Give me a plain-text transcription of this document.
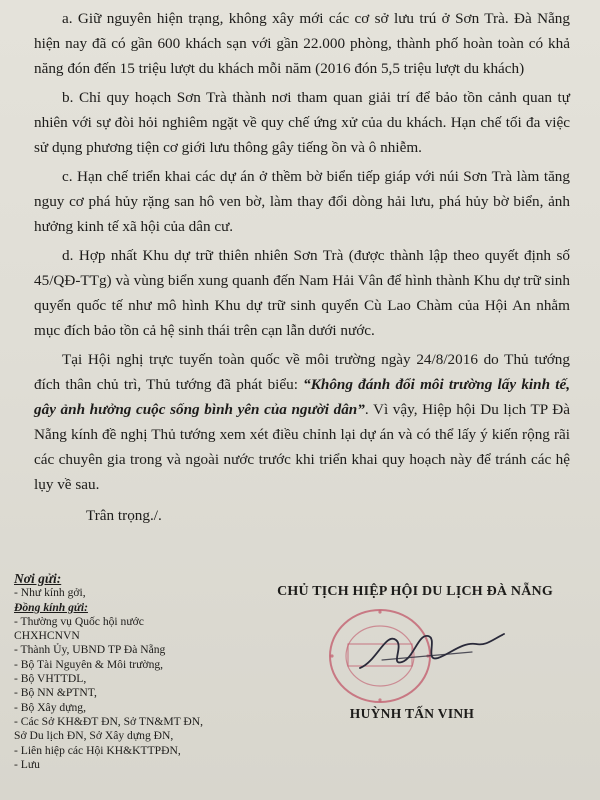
a. Giữ nguyên hiện trạng, không xây mới các cơ sở lưu trú ở Sơn Trà. Đà Nẵng hiện nay đã có gần 600 khách sạn với gần 22.000 phòng, thành phố hoàn toàn có khả năng đón đến 15 triệu lượt du khách mỗi năm (2016 đón 5,5 triệu lượt du khách)

b. Chỉ quy hoạch Sơn Trà thành nơi tham quan giải trí để bảo tồn cảnh quan tự nhiên với sự đòi hỏi nghiêm ngặt về quy chế ứng xử của du khách. Hạn chế tối đa việc sử dụng phương tiện cơ giới lưu thông gây tiếng ồn và ô nhiễm.

c. Hạn chế triển khai các dự án ở thềm bờ biển tiếp giáp với núi Sơn Trà làm tăng nguy cơ phá hủy rặng san hô ven bờ, làm thay đổi dòng hải lưu, phá hủy bờ biển, ảnh hưởng kinh tế xã hội của dân cư.

d. Hợp nhất Khu dự trữ thiên nhiên Sơn Trà (được thành lập theo quyết định số 45/QĐ-TTg) và vùng biển xung quanh đến Nam Hải Vân để hình thành Khu dự trữ sinh quyển quốc tế như mô hình Khu dự trữ sinh quyển Cù Lao Chàm của Hội An nhằm mục đích bảo tồn cả hệ sinh thái trên cạn lẫn dưới nước.

Tại Hội nghị trực tuyến toàn quốc về môi trường ngày 24/8/2016 do Thủ tướng đích thân chủ trì, Thủ tướng đã phát biểu: “Không đánh đổi môi trường lấy kinh tế, gây ảnh hưởng cuộc sống bình yên của người dân”. Vì vậy, Hiệp hội Du lịch TP Đà Nẵng kính đề nghị Thủ tướng xem xét điều chỉnh lại dự án và có thể lấy ý kiến rộng rãi các chuyên gia trong và ngoài nước trước khi triển khai quy hoạch này để tránh các hệ lụy về sau.

Trân trọng./.

Nơi gửi:
- Như kính gởi,
Đồng kính gửi:
- Thường vụ Quốc hội nước
CHXHCNVN
- Thành Ủy, UBND TP Đà Nẵng
- Bộ Tài Nguyên & Môi trường,
- Bộ VHTTDL,
- Bộ NN &PTNT,
- Bộ Xây dựng,
- Các Sở KH&ĐT ĐN, Sở TN&MT ĐN,
Sở Du lịch ĐN, Sở Xây dựng ĐN,
- Liên hiệp các Hội KH&KTTPĐN,
- Lưu
CHỦ TỊCH HIỆP HỘI DU LỊCH ĐÀ NẴNG
HUỲNH TẤN VINH
